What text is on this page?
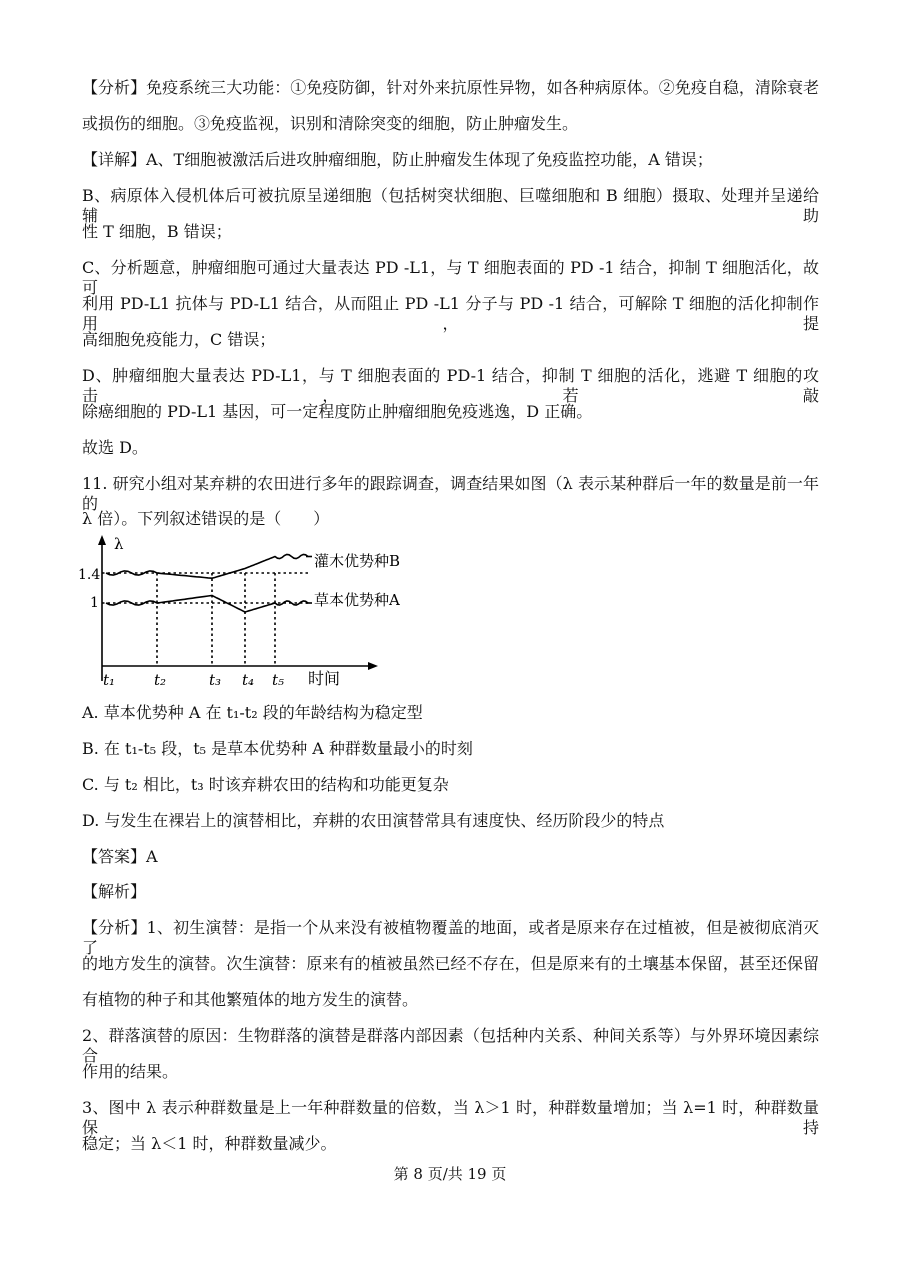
【分析】免疫系统三大功能：①免疫防御，针对外来抗原性异物，如各种病原体。②免疫自稳，清除衰老
或损伤的细胞。③免疫监视，识别和清除突变的细胞，防止肿瘤发生。
【详解】A、T细胞被激活后进攻肿瘤细胞，防止肿瘤发生体现了免疫监控功能，A 错误；
B、病原体入侵机体后可被抗原呈递细胞（包括树突状细胞、巨噬细胞和 B 细胞）摄取、处理并呈递给辅助
性 T 细胞，B 错误；
C、分析题意，肿瘤细胞可通过大量表达 PD -L1，与 T 细胞表面的 PD -1 结合，抑制 T 细胞活化，故可
利用 PD-L1 抗体与 PD-L1 结合，从而阻止 PD -L1 分子与 PD -1 结合，可解除 T 细胞的活化抑制作用，提
高细胞免疫能力，C 错误；
D、肿瘤细胞大量表达 PD-L1，与 T 细胞表面的 PD-1 结合，抑制 T 细胞的活化，逃避 T 细胞的攻击，若敲
除癌细胞的 PD-L1 基因，可一定程度防止肿瘤细胞免疫逃逸，D 正确。
故选 D。
11. 研究小组对某弃耕的农田进行多年的跟踪调查，调查结果如图（λ 表示某种群后一年的数量是前一年的
λ 倍）。下列叙述错误的是（　　）
λ
时间
1.4
1
t₁	t₂	t₃ t₄ t₅
灌木优势种B
草本优势种A
A. 草本优势种 A 在 t₁-t₂ 段的年龄结构为稳定型
B. 在 t₁-t₅ 段，t₅ 是草本优势种 A 种群数量最小的时刻
C. 与 t₂ 相比，t₃ 时该弃耕农田的结构和功能更复杂
D. 与发生在裸岩上的演替相比，弃耕的农田演替常具有速度快、经历阶段少的特点
【答案】A
【解析】
【分析】1、初生演替：是指一个从来没有被植物覆盖的地面，或者是原来存在过植被，但是被彻底消灭了
的地方发生的演替。次生演替：原来有的植被虽然已经不存在，但是原来有的土壤基本保留，甚至还保留
有植物的种子和其他繁殖体的地方发生的演替。
2、群落演替的原因：生物群落的演替是群落内部因素（包括种内关系、种间关系等）与外界环境因素综合
作用的结果。
3、图中 λ 表示种群数量是上一年种群数量的倍数，当 λ＞1 时，种群数量增加；当 λ=1 时，种群数量保持
稳定；当 λ＜1 时，种群数量减少。
第 8 页/共 19 页
